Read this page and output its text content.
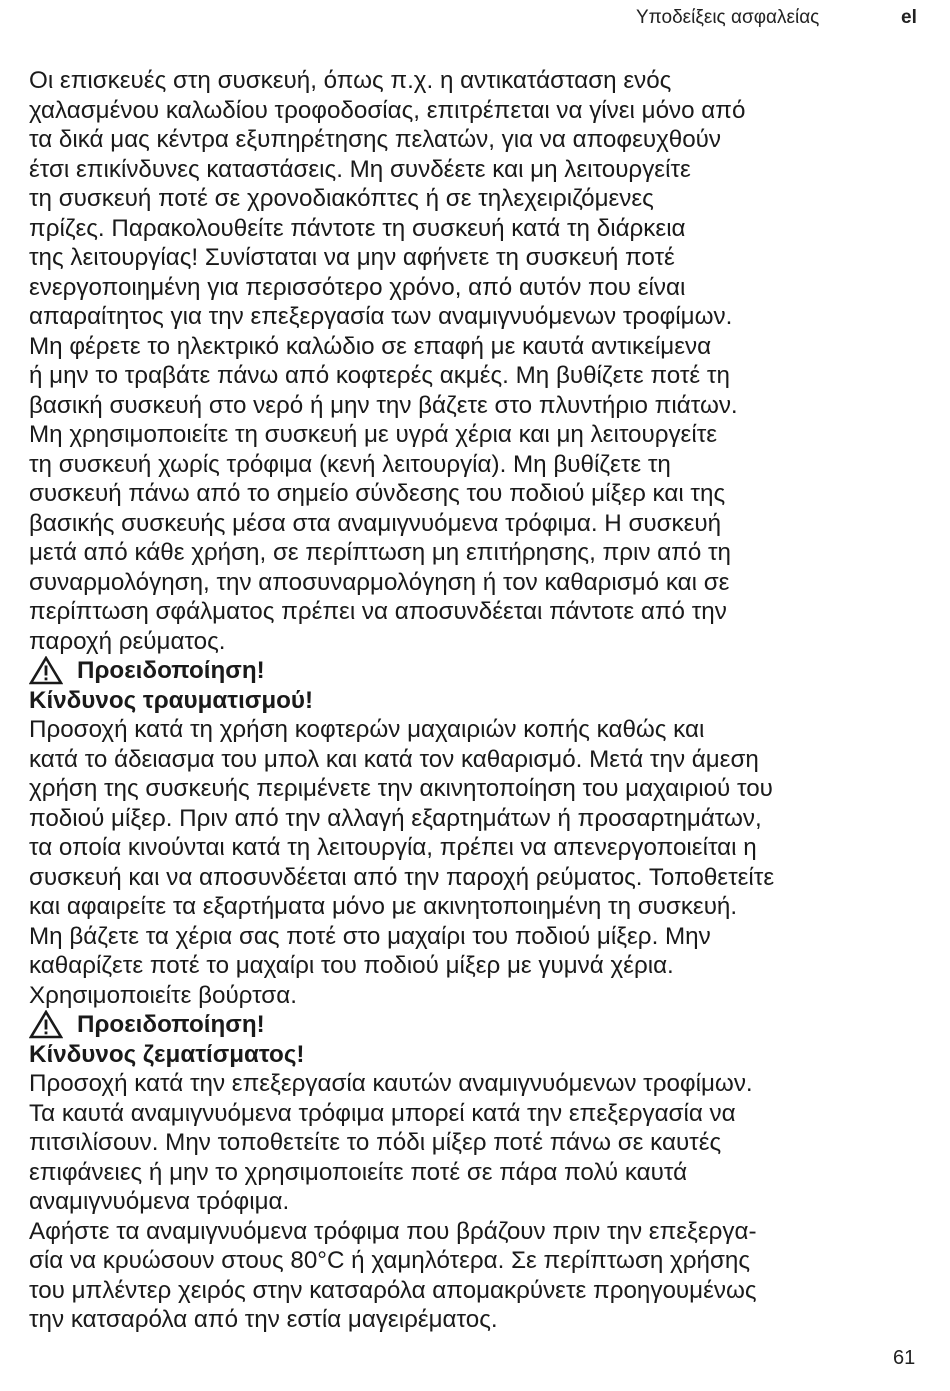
Υποδείξεις ασφαλείας	el
Οι επισκευές στη συσκευή, όπως π.χ. η αντικατάσταση ενός
χαλασμένου καλωδίου τροφοδοσίας, επιτρέπεται να γίνει μόνο από
τα δικά μας κέντρα εξυπηρέτησης πελατών, για να αποφευχθούν
έτσι επικίνδυνες καταστάσεις. Μη συνδέετε και μη λειτουργείτε
τη συσκευή ποτέ σε χρονοδιακόπτες ή σε τηλεχειριζόμενες
πρίζες. Παρακολουθείτε πάντοτε τη συσκευή κατά τη διάρκεια
της λειτουργίας! Συνίσταται να μην αφήνετε τη συσκευή ποτέ
ενεργοποιημένη για περισσότερο χρόνο, από αυτόν που είναι
απαραίτητος για την επεξεργασία των αναμιγνυόμενων τροφίμων.
Μη φέρετε το ηλεκτρικό καλώδιο σε επαφή με καυτά αντικείμενα
ή μην το τραβάτε πάνω από κοφτερές ακμές. Μη βυθίζετε ποτέ τη
βασική συσκευή στο νερό ή μην την βάζετε στο πλυντήριο πιάτων.
Μη χρησιμοποιείτε τη συσκευή με υγρά χέρια και μη λειτουργείτε
τη συσκευή χωρίς τρόφιμα (κενή λειτουργία). Μη βυθίζετε τη
συσκευή πάνω από το σημείο σύνδεσης του ποδιού μίξερ και της
βασικής συσκευής μέσα στα αναμιγνυόμενα τρόφιμα. Η συσκευή
μετά από κάθε χρήση, σε περίπτωση μη επιτήρησης, πριν από τη
συναρμολόγηση, την αποσυναρμολόγηση ή τον καθαρισμό και σε
περίπτωση σφάλματος πρέπει να αποσυνδέεται πάντοτε από την
παροχή ρεύματος.
Προειδοποίηση!
Κίνδυνος τραυματισμού!
Προσοχή κατά τη χρήση κοφτερών μαχαιριών κοπής καθώς και
κατά το άδειασμα του μπολ και κατά τον καθαρισμό. Μετά την άμεση
χρήση της συσκευής περιμένετε την ακινητοποίηση του μαχαιριού του
ποδιού μίξερ. Πριν από την αλλαγή εξαρτημάτων ή προσαρτημάτων,
τα οποία κινούνται κατά τη λειτουργία, πρέπει να απενεργοποιείται η
συσκευή και να αποσυνδέεται από την παροχή ρεύματος. Τοποθετείτε
και αφαιρείτε τα εξαρτήματα μόνο με ακινητοποιημένη τη συσκευή.
Μη βάζετε τα χέρια σας ποτέ στο μαχαίρι του ποδιού μίξερ. Μην
καθαρίζετε ποτέ το μαχαίρι του ποδιού μίξερ με γυμνά χέρια.
Χρησιμοποιείτε βούρτσα.
Προειδοποίηση!
Κίνδυνος ζεματίσματος!
Προσοχή κατά την επεξεργασία καυτών αναμιγνυόμενων τροφίμων.
Τα καυτά αναμιγνυόμενα τρόφιμα μπορεί κατά την επεξεργασία να
πιτσιλίσουν. Μην τοποθετείτε το πόδι μίξερ ποτέ πάνω σε καυτές
επιφάνειες ή μην το χρησιμοποιείτε ποτέ σε πάρα πολύ καυτά
αναμιγνυόμενα τρόφιμα.
Αφήστε τα αναμιγνυόμενα τρόφιμα που βράζουν πριν την επεξεργα-
σία να κρυώσουν στους 80°C ή χαμηλότερα. Σε περίπτωση χρήσης
του μπλέντερ χειρός στην κατσαρόλα απομακρύνετε προηγουμένως
την κατσαρόλα από την εστία μαγειρέματος.
61
